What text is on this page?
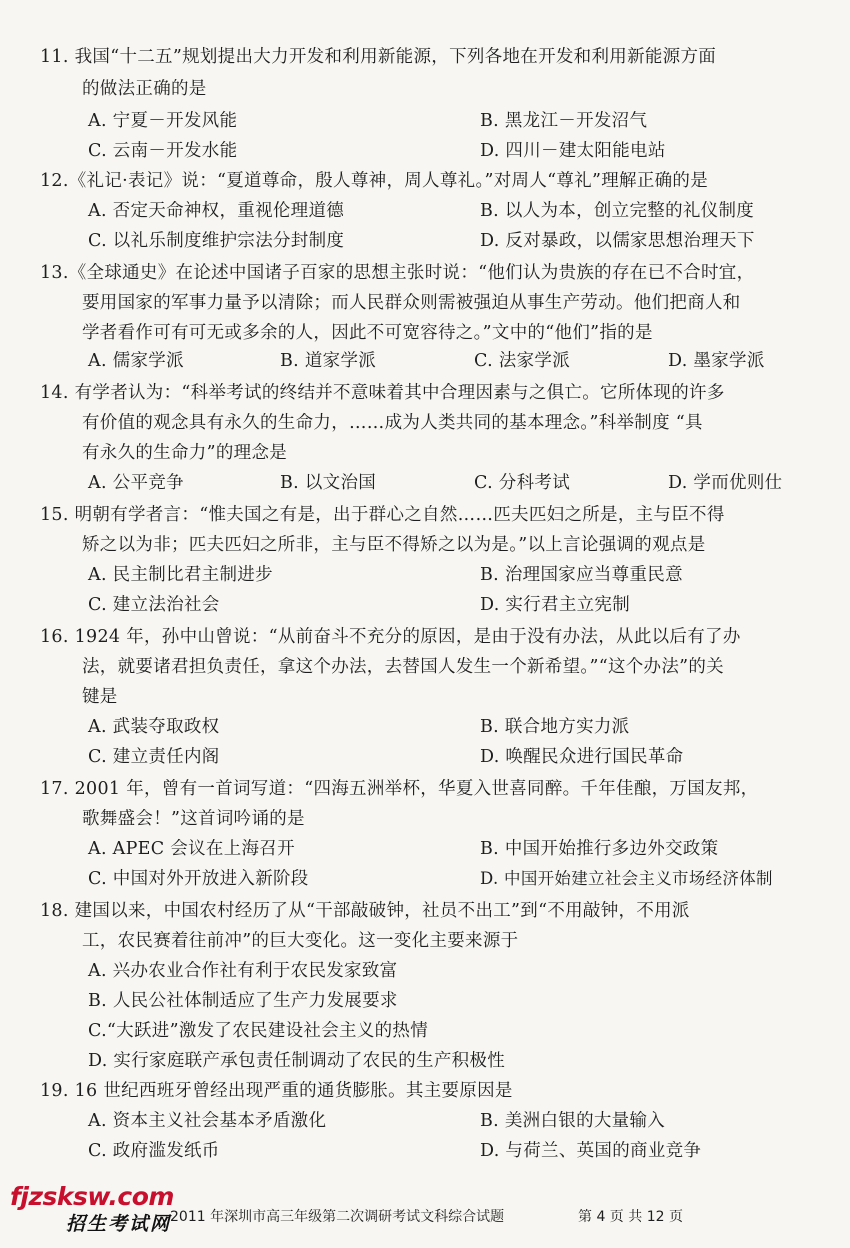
11. 我国“十二五”规划提出大力开发和利用新能源，下列各地在开发和利用新能源方面
的做法正确的是
A. 宁夏－开发风能	B. 黑龙江－开发沼气
C. 云南－开发水能	D. 四川－建太阳能电站
12.《礼记·表记》说：“夏道尊命，殷人尊神，周人尊礼。”对周人“尊礼”理解正确的是
A. 否定天命神权，重视伦理道德	B. 以人为本，创立完整的礼仪制度
C. 以礼乐制度维护宗法分封制度	D. 反对暴政，以儒家思想治理天下
13.《全球通史》在论述中国诸子百家的思想主张时说：“他们认为贵族的存在已不合时宜，
要用国家的军事力量予以清除；而人民群众则需被强迫从事生产劳动。他们把商人和
学者看作可有可无或多余的人，因此不可宽容待之。”文中的“他们”指的是
A. 儒家学派	B. 道家学派	C. 法家学派	D. 墨家学派
14. 有学者认为：“科举考试的终结并不意味着其中合理因素与之俱亡。它所体现的许多
有价值的观念具有永久的生命力，……成为人类共同的基本理念。”科举制度 “具
有永久的生命力”的理念是
A. 公平竞争	B. 以文治国	C. 分科考试	D. 学而优则仕
15. 明朝有学者言：“惟夫国之有是，出于群心之自然……匹夫匹妇之所是，主与臣不得
矫之以为非；匹夫匹妇之所非，主与臣不得矫之以为是。”以上言论强调的观点是
A. 民主制比君主制进步	B. 治理国家应当尊重民意
C. 建立法治社会	D. 实行君主立宪制
16. 1924 年，孙中山曾说：“从前奋斗不充分的原因，是由于没有办法，从此以后有了办
法，就要诸君担负责任，拿这个办法，去替国人发生一个新希望。”“这个办法”的关
键是
A. 武装夺取政权	B. 联合地方实力派
C. 建立责任内阁	D. 唤醒民众进行国民革命
17. 2001 年，曾有一首词写道：“四海五洲举杯，华夏入世喜同醉。千年佳酿，万国友邦，
歌舞盛会！”这首词吟诵的是
A. APEC 会议在上海召开	B. 中国开始推行多边外交政策
C. 中国对外开放进入新阶段	D. 中国开始建立社会主义市场经济体制
18. 建国以来，中国农村经历了从“干部敲破钟，社员不出工”到“不用敲钟，不用派
工，农民赛着往前冲”的巨大变化。这一变化主要来源于
A. 兴办农业合作社有利于农民发家致富
B. 人民公社体制适应了生产力发展要求
C.“大跃进”激发了农民建设社会主义的热情
D. 实行家庭联产承包责任制调动了农民的生产积极性
19. 16 世纪西班牙曾经出现严重的通货膨胀。其主要原因是
A. 资本主义社会基本矛盾激化	B. 美洲白银的大量输入
C. 政府滥发纸币	D. 与荷兰、英国的商业竞争
2011 年深圳市高三年级第二次调研考试文科综合试题	第 4 页 共 12 页
fjzsksw.com
招生考试网
